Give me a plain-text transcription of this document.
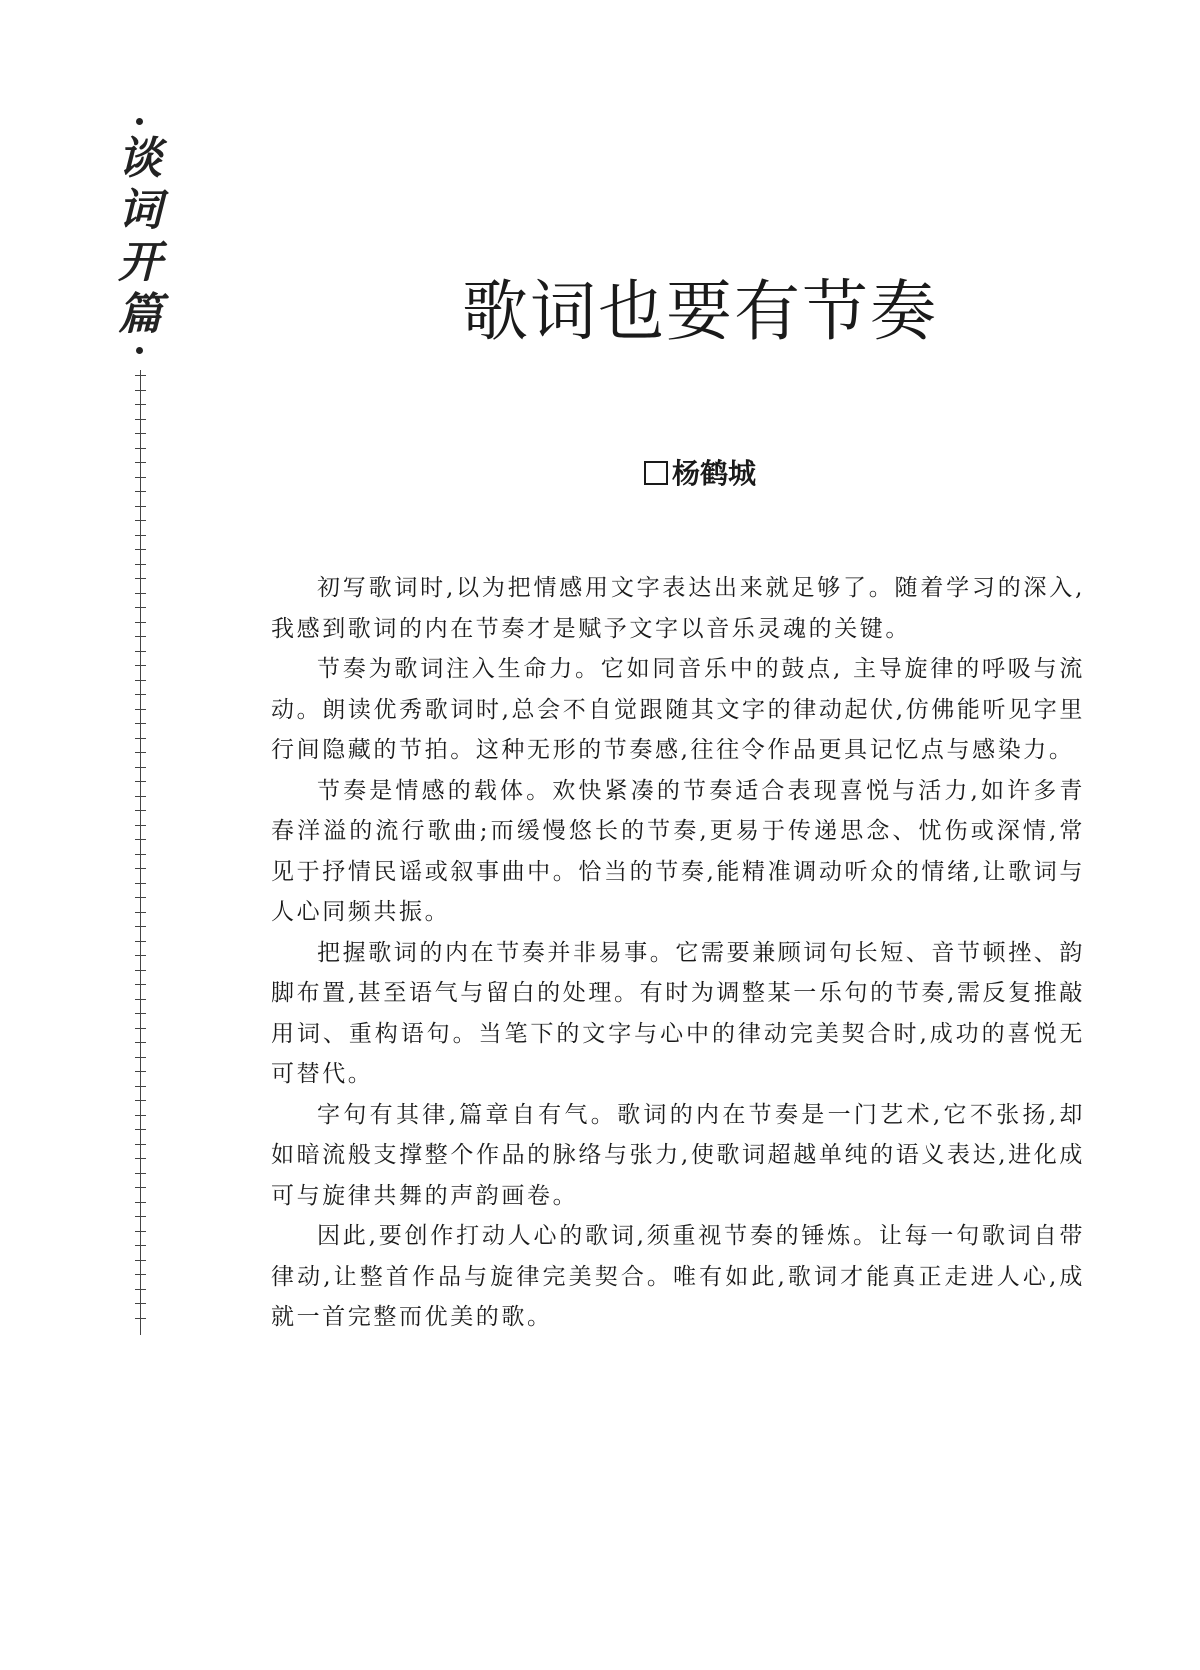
谈
词
开
篇	歌词也要有节奏
杨鹤城

初写歌词时,以为把情感用文字表达出来就足够了。随着学习的深入,我感到歌词的内在节奏才是赋予文字以音乐灵魂的关键。

节奏为歌词注入生命力。它如同音乐中的鼓点, 主导旋律的呼吸与流动。朗读优秀歌词时,总会不自觉跟随其文字的律动起伏,仿佛能听见字里行间隐藏的节拍。这种无形的节奏感,往往令作品更具记忆点与感染力。

节奏是情感的载体。欢快紧凑的节奏适合表现喜悦与活力,如许多青春洋溢的流行歌曲;而缓慢悠长的节奏,更易于传递思念、忧伤或深情,常见于抒情民谣或叙事曲中。恰当的节奏,能精准调动听众的情绪,让歌词与人心同频共振。

把握歌词的内在节奏并非易事。它需要兼顾词句长短、音节顿挫、韵脚布置,甚至语气与留白的处理。有时为调整某一乐句的节奏,需反复推敲用词、重构语句。当笔下的文字与心中的律动完美契合时,成功的喜悦无可替代。

字句有其律,篇章自有气。歌词的内在节奏是一门艺术,它不张扬,却如暗流般支撑整个作品的脉络与张力,使歌词超越单纯的语义表达,进化成可与旋律共舞的声韵画卷。

因此,要创作打动人心的歌词,须重视节奏的锤炼。让每一句歌词自带律动,让整首作品与旋律完美契合。唯有如此,歌词才能真正走进人心,成就一首完整而优美的歌。
